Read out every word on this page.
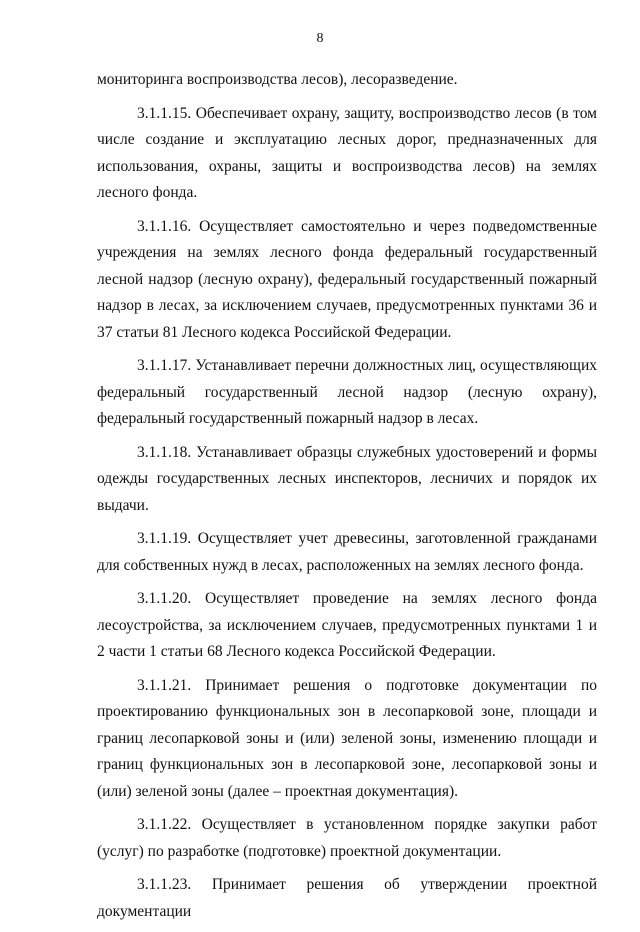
8

мониторинга воспроизводства лесов), лесоразведение.

3.1.1.15. Обеспечивает охрану, защиту, воспроизводство лесов (в том числе создание и эксплуатацию лесных дорог, предназначенных для использования, охраны, защиты и воспроизводства лесов) на землях лесного фонда.

3.1.1.16. Осуществляет самостоятельно и через подведомственные учреждения на землях лесного фонда федеральный государственный лесной надзор (лесную охрану), федеральный государственный пожарный надзор в лесах, за исключением случаев, предусмотренных пунктами 36 и 37 статьи 81 Лесного кодекса Российской Федерации.

3.1.1.17. Устанавливает перечни должностных лиц, осуществляющих федеральный государственный лесной надзор (лесную охрану), федеральный государственный пожарный надзор в лесах.

3.1.1.18. Устанавливает образцы служебных удостоверений и формы одежды государственных лесных инспекторов, лесничих и порядок их выдачи.

3.1.1.19. Осуществляет учет древесины, заготовленной гражданами для собственных нужд в лесах, расположенных на землях лесного фонда.

3.1.1.20. Осуществляет проведение на землях лесного фонда лесоустройства, за исключением случаев, предусмотренных пунктами 1 и 2 части 1 статьи 68 Лесного кодекса Российской Федерации.

3.1.1.21. Принимает решения о подготовке документации по проектированию функциональных зон в лесопарковой зоне, площади и границ лесопарковой зоны и (или) зеленой зоны, изменению площади и границ функциональных зон в лесопарковой зоне, лесопарковой зоны и (или) зеленой зоны (далее – проектная документация).

3.1.1.22. Осуществляет в установленном порядке закупки работ (услуг) по разработке (подготовке) проектной документации.

3.1.1.23. Принимает решения об утверждении проектной документации
